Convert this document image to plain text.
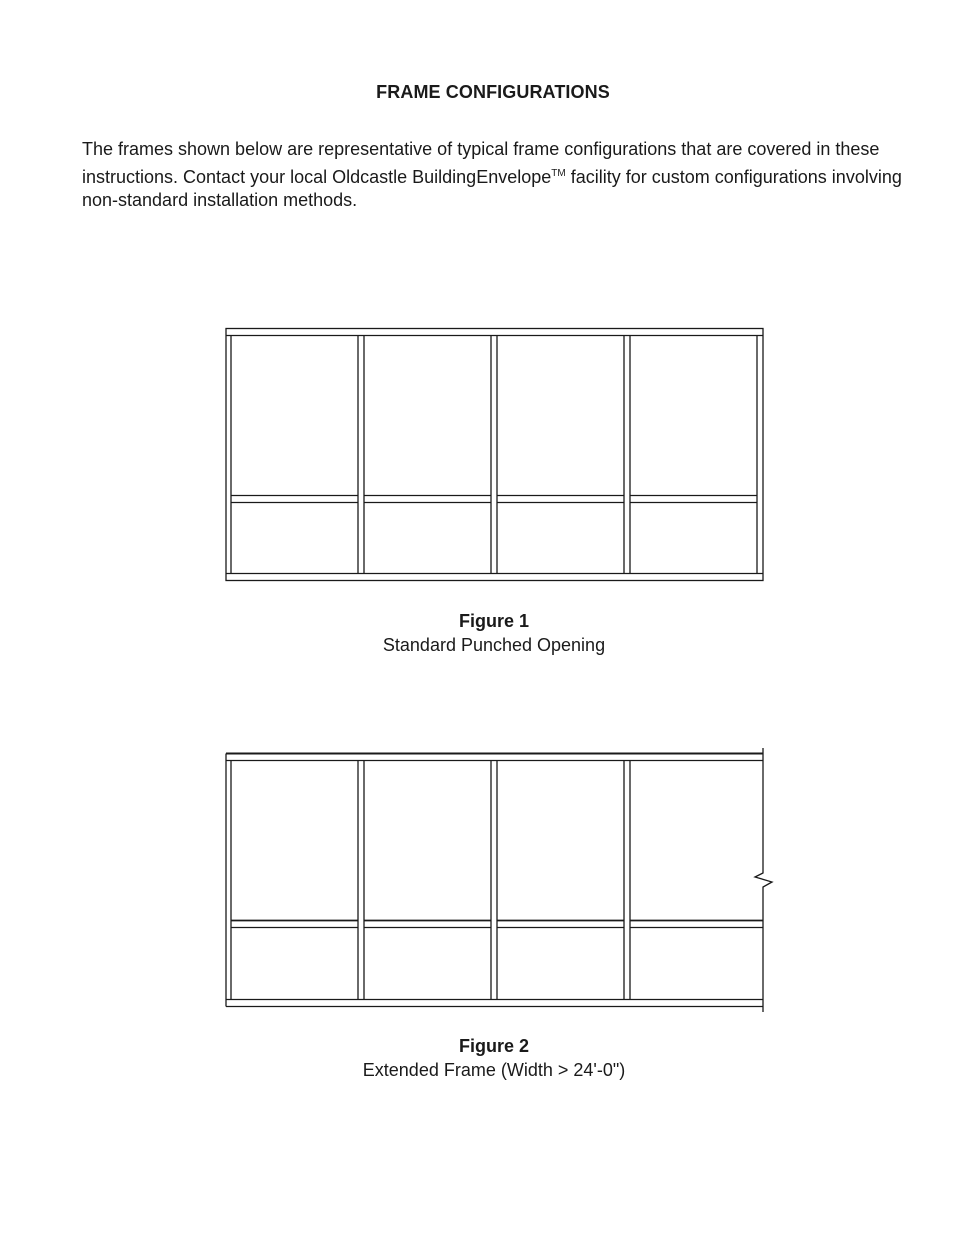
FRAME CONFIGURATIONS
The frames shown below are representative of typical frame configurations that are covered in these instructions. Contact your local Oldcastle BuildingEnvelope™ facility for custom configurations involving non-standard installation methods.
Figure 1
Standard Punched Opening
Figure 2
Extended Frame (Width > 24'-0")
